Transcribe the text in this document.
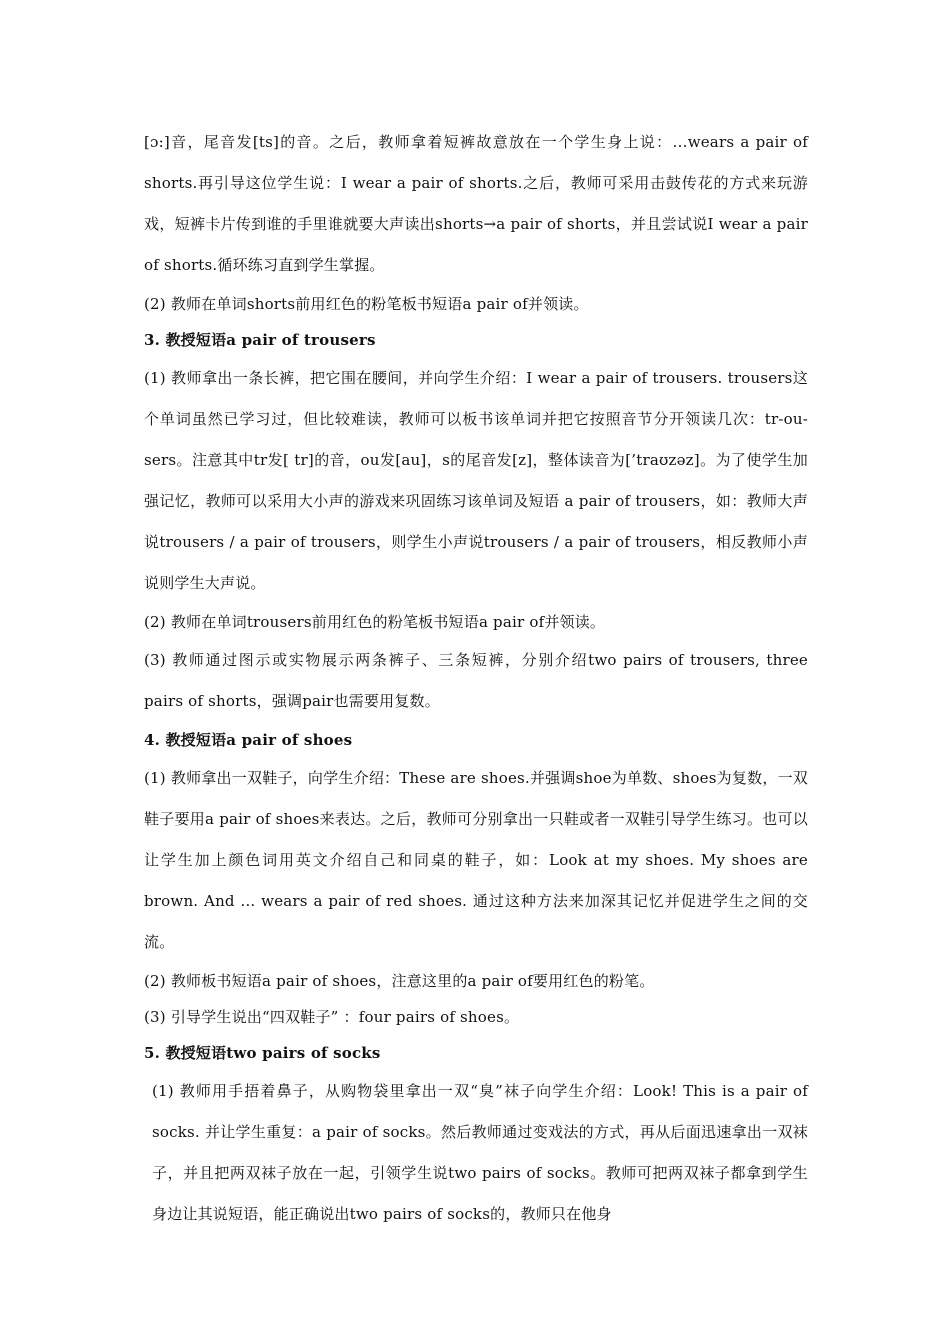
[ɔ:]音，尾音发[ts]的音。之后，教师拿着短裤故意放在一个学生身上说：…wears a pair of shorts.再引导这位学生说：I wear a pair of shorts.之后，教师可采用击鼓传花的方式来玩游戏，短裤卡片传到谁的手里谁就要大声读出shorts→a pair of shorts，并且尝试说I wear a pair of shorts.循环练习直到学生掌握。

(2) 教师在单词shorts前用红色的粉笔板书短语a pair of并领读。

3. 教授短语a pair of trousers

(1) 教师拿出一条长裤，把它围在腰间，并向学生介绍：I wear a pair of trousers. trousers这个单词虽然已学习过，但比较难读，教师可以板书该单词并把它按照音节分开领读几次：tr-ou-sers。注意其中tr发[ tr]的音，ou发[au]，s的尾音发[z]，整体读音为[’traʊzəz]。为了使学生加强记忆，教师可以采用大小声的游戏来巩固练习该单词及短语 a pair of trousers，如：教师大声说trousers / a pair of trousers，则学生小声说trousers / a pair of trousers，相反教师小声说则学生大声说。

(2) 教师在单词trousers前用红色的粉笔板书短语a pair of并领读。

(3) 教师通过图示或实物展示两条裤子、三条短裤，分别介绍two pairs of trousers, three pairs of shorts，强调pair也需要用复数。

4. 教授短语a pair of shoes

(1) 教师拿出一双鞋子，向学生介绍：These are shoes.并强调shoe为单数、shoes为复数，一双鞋子要用a pair of shoes来表达。之后，教师可分别拿出一只鞋或者一双鞋引导学生练习。也可以让学生加上颜色词用英文介绍自己和同桌的鞋子，如：Look at my shoes. My shoes are brown. And ... wears a pair of red shoes. 通过这种方法来加深其记忆并促进学生之间的交流。

(2) 教师板书短语a pair of shoes，注意这里的a pair of要用红色的粉笔。

(3) 引导学生说出“四双鞋子” ：four pairs of shoes。

5. 教授短语two pairs of socks

(1) 教师用手捂着鼻子，从购物袋里拿出一双“臭”袜子向学生介绍：Look! This is a pair of socks. 并让学生重复：a pair of socks。然后教师通过变戏法的方式，再从后面迅速拿出一双袜子，并且把两双袜子放在一起，引领学生说two pairs of socks。教师可把两双袜子都拿到学生身边让其说短语，能正确说出two pairs of socks的，教师只在他身
